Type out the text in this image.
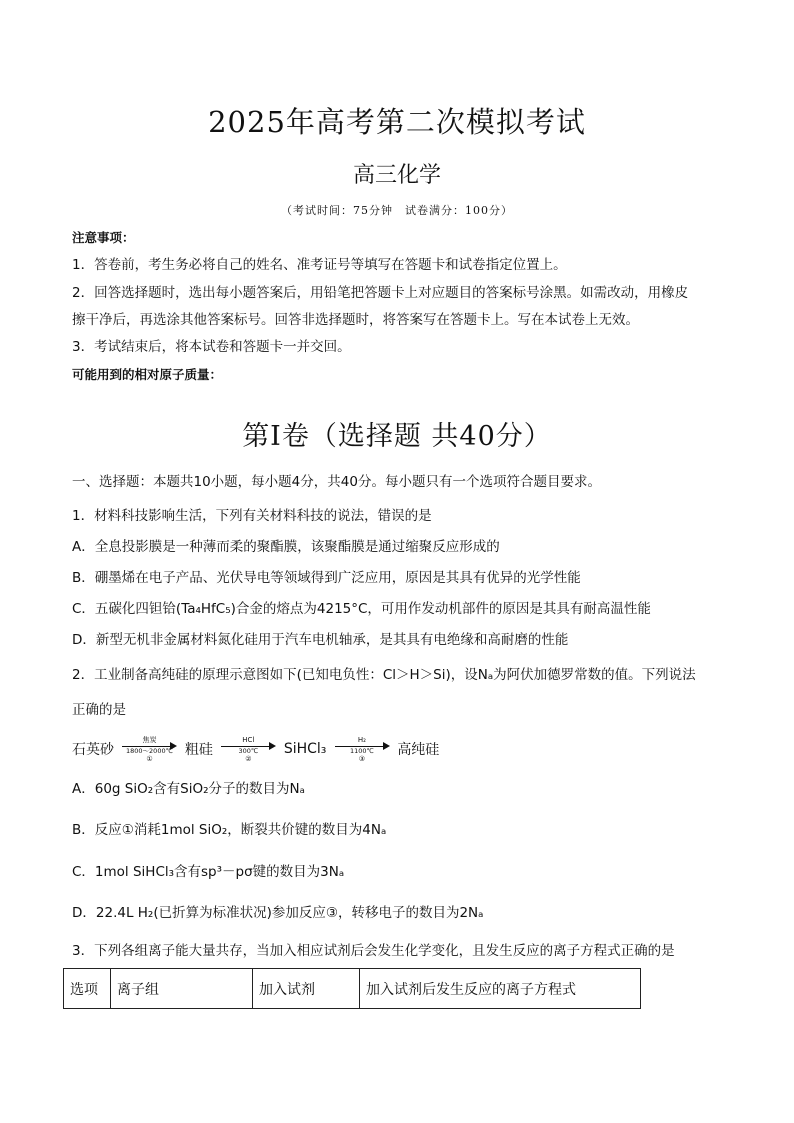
2025年高考第二次模拟考试
高三化学
（考试时间：75分钟　试卷满分：100分）
注意事项：
1．答卷前，考生务必将自己的姓名、准考证号等填写在答题卡和试卷指定位置上。
2．回答选择题时，选出每小题答案后，用铅笔把答题卡上对应题目的答案标号涂黑。如需改动，用橡皮
擦干净后，再选涂其他答案标号。回答非选择题时，将答案写在答题卡上。写在本试卷上无效。
3．考试结束后，将本试卷和答题卡一并交回。
可能用到的相对原子质量：
第Ⅰ卷（选择题 共40分）
一、选择题：本题共10小题，每小题4分，共40分。每小题只有一个选项符合题目要求。
1．材料科技影响生活，下列有关材料科技的说法，错误的是
A．全息投影膜是一种薄而柔的聚酯膜，该聚酯膜是通过缩聚反应形成的
B．硼墨烯在电子产品、光伏导电等领域得到广泛应用，原因是其具有优异的光学性能
C．五碳化四钽铪(Ta₄HfC₅)合金的熔点为4215°C，可用作发动机部件的原因是其具有耐高温性能
D．新型无机非金属材料氮化硅用于汽车电机轴承，是其具有电绝缘和高耐磨的性能
2．工业制备高纯硅的原理示意图如下(已知电负性：Cl＞H＞Si)，设Nₐ为阿伏加德罗常数的值。下列说法
正确的是
石英砂
焦炭
1800～2000℃
①
粗硅
HCl
300℃
②
SiHCl₃
H₂
1100℃
③
高纯硅
A．60g SiO₂含有SiO₂分子的数目为Nₐ
B．反应①消耗1mol SiO₂，断裂共价键的数目为4Nₐ
C．1mol SiHCl₃含有sp³－pσ键的数目为3Nₐ
D．22.4L H₂(已折算为标准状况)参加反应③，转移电子的数目为2Nₐ
3．下列各组离子能大量共存，当加入相应试剂后会发生化学变化，且发生反应的离子方程式正确的是
选项	离子组	加入试剂	加入试剂后发生反应的离子方程式
